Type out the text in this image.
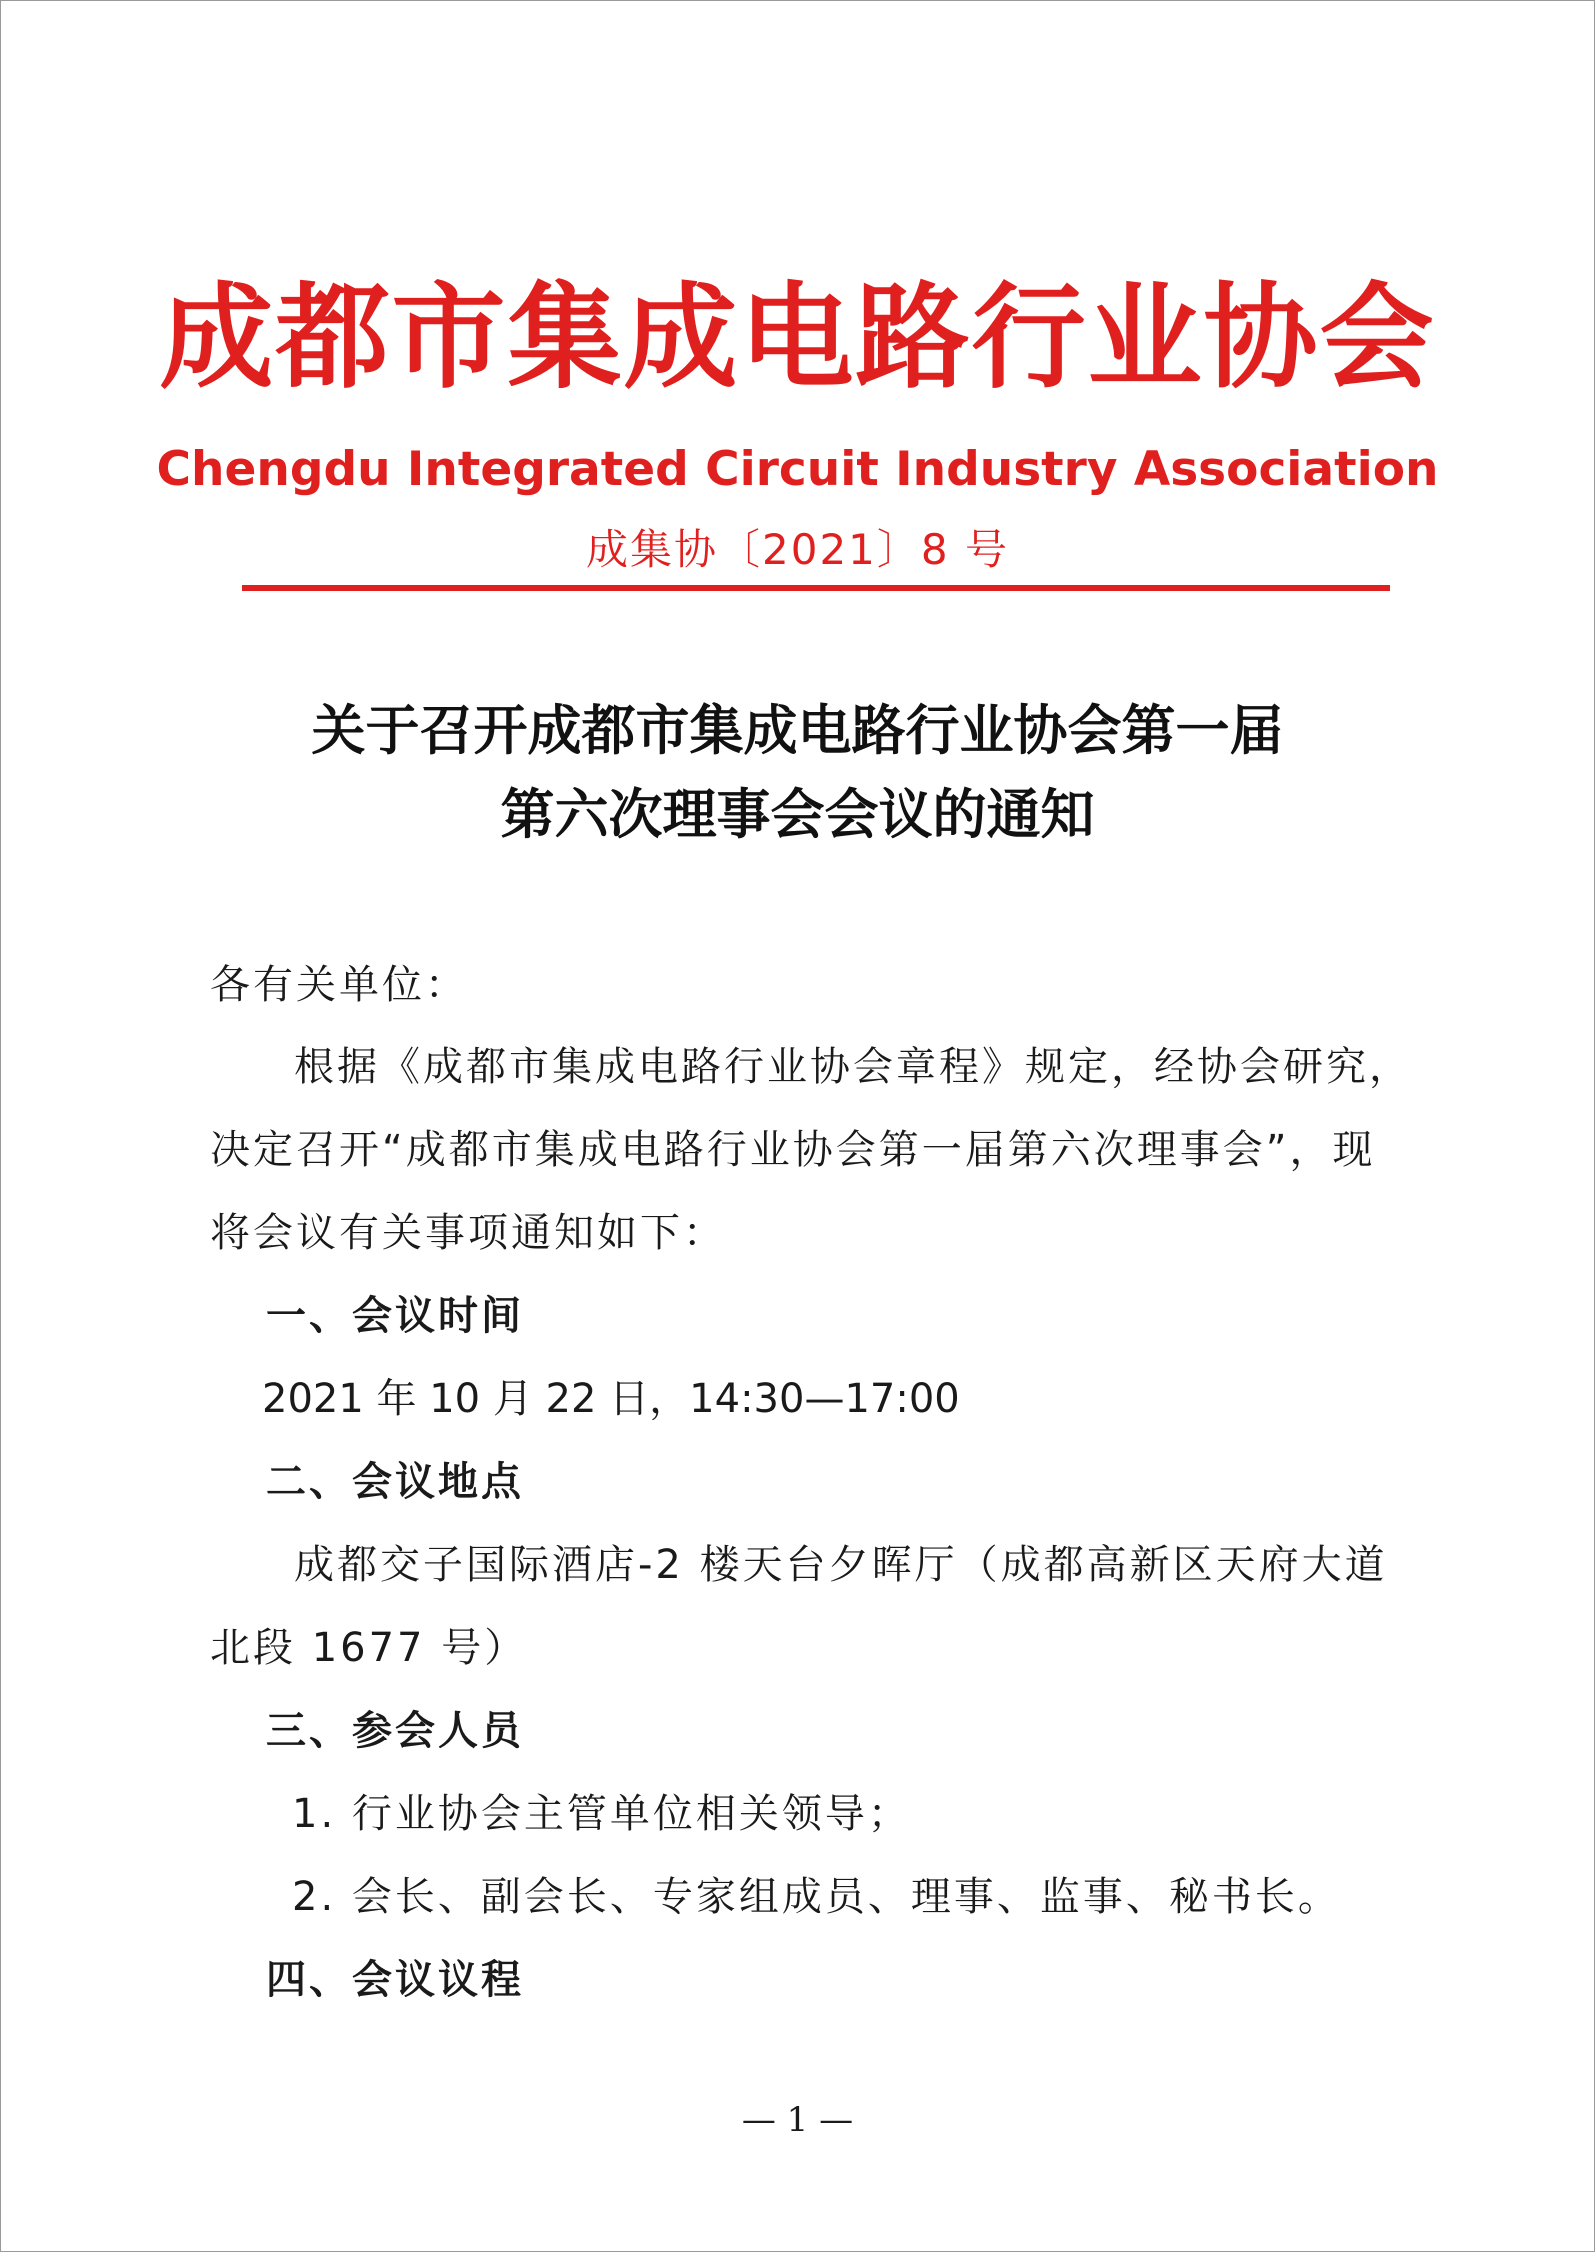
成都市集成电路行业协会
Chengdu Integrated Circuit Industry Association
成集协〔2021〕8 号
关于召开成都市集成电路行业协会第一届
第六次理事会会议的通知
各有关单位：
根据《成都市集成电路行业协会章程》规定，经协会研究，
决定召开“成都市集成电路行业协会第一届第六次理事会”，现
将会议有关事项通知如下：
一、会议时间
2021 年 10 月 22 日，14:30—17:00
二、会议地点
成都交子国际酒店-2 楼天台夕晖厅（成都高新区天府大道
北段 1677 号）
三、参会人员
1. 行业协会主管单位相关领导；
2. 会长、副会长、专家组成员、理事、监事、秘书长。
四、会议议程
— 1 —
